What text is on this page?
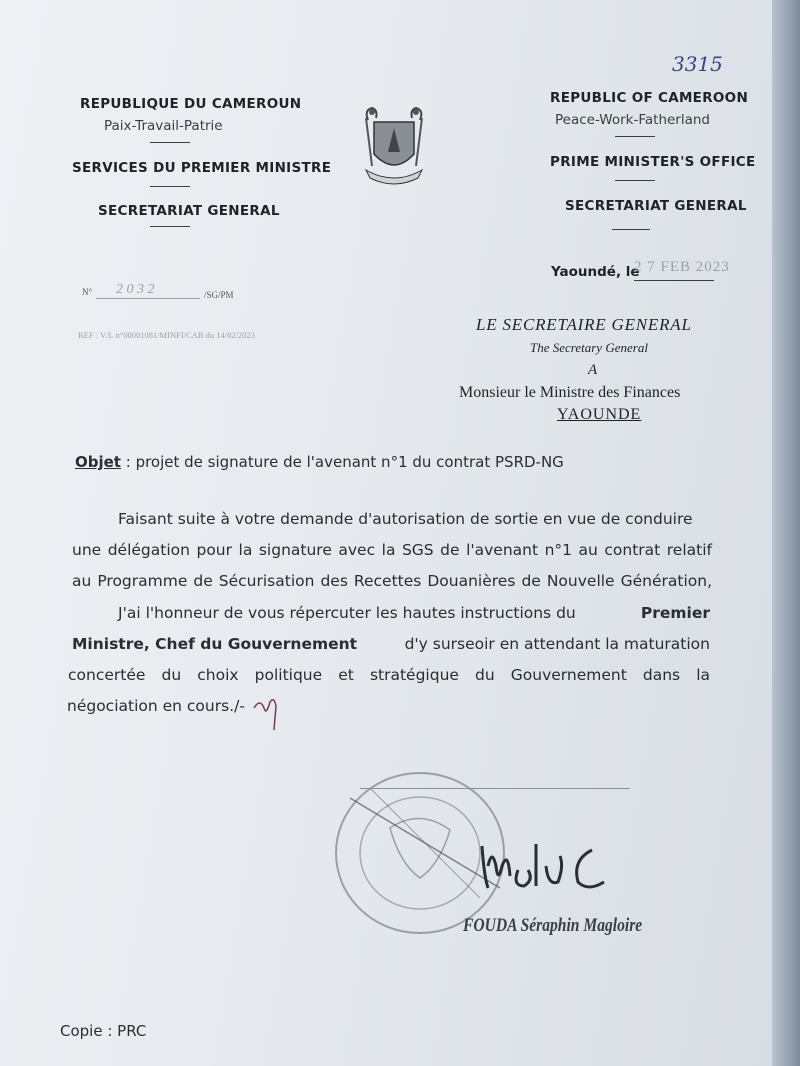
3315
REPUBLIQUE DU CAMEROUN
Paix-Travail-Patrie
SERVICES DU PREMIER MINISTRE
SECRETARIAT GENERAL
REPUBLIC OF CAMEROON
Peace-Work-Fatherland
PRIME MINISTER'S OFFICE
SECRETARIAT GENERAL
Yaoundé, le
2 7 FEB 2023
N° 2 0 3 2	/SG/PM
REF : V/L n°00001081/MINFI/CAB du 14/02/2023
LE SECRETAIRE GENERAL
The Secretary General
A
Monsieur le Ministre des Finances
YAOUNDE
Objet : projet de signature de l'avenant n°1 du contrat PSRD-NG
Faisant suite à votre demande d'autorisation de sortie en vue de conduire
une délégation pour la signature avec la SGS de l'avenant n°1 au contrat relatif
au Programme de Sécurisation des Recettes Douanières de Nouvelle Génération,
J'ai l'honneur de vous répercuter les hautes instructions du	Premier
Ministre, Chef du Gouvernement	d'y surseoir en attendant la maturation
concertée du choix politique et stratégique du Gouvernement dans la
négociation en cours./-
FOUDA Séraphin Magloire
Copie : PRC
